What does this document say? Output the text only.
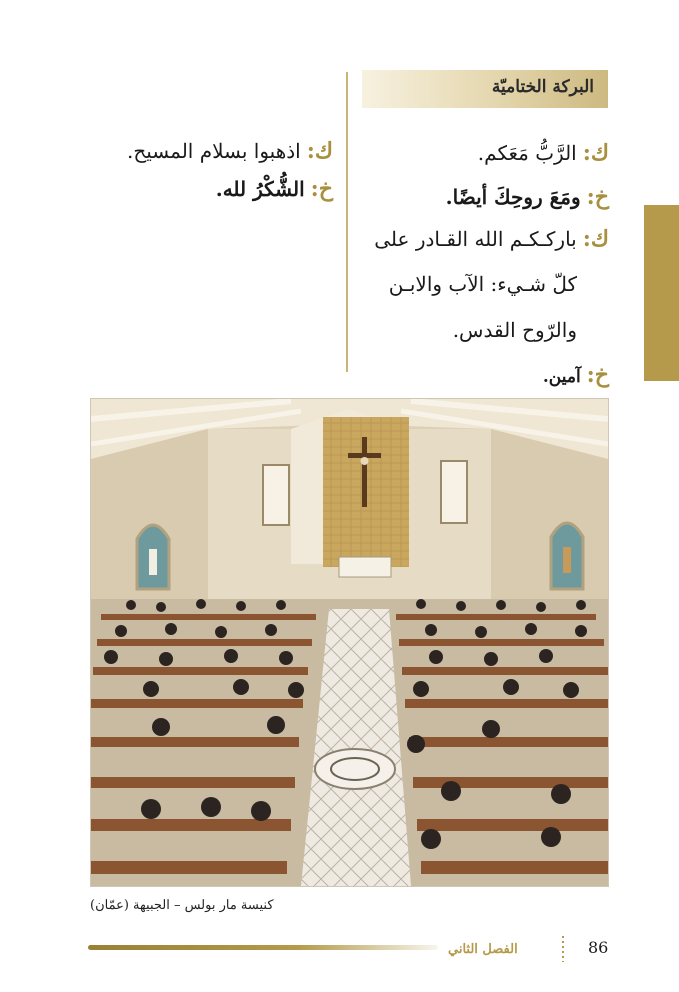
البركة الختاميّة
ك:الرَّبُّ مَعَكم.
خ:ومَعَ روحِكَ أيضًا.
ك:باركـكـم الله القـادر على
كلّ شـيء: الآب والابـن
والرّوح القدس.
خ:آمين.
ك:اذهبوا بسلام المسيح.
خ:الشُّكْرُ لله.
كنيسة مار بولس – الجبيهة (عمّان)
الفصل الثاني	86
